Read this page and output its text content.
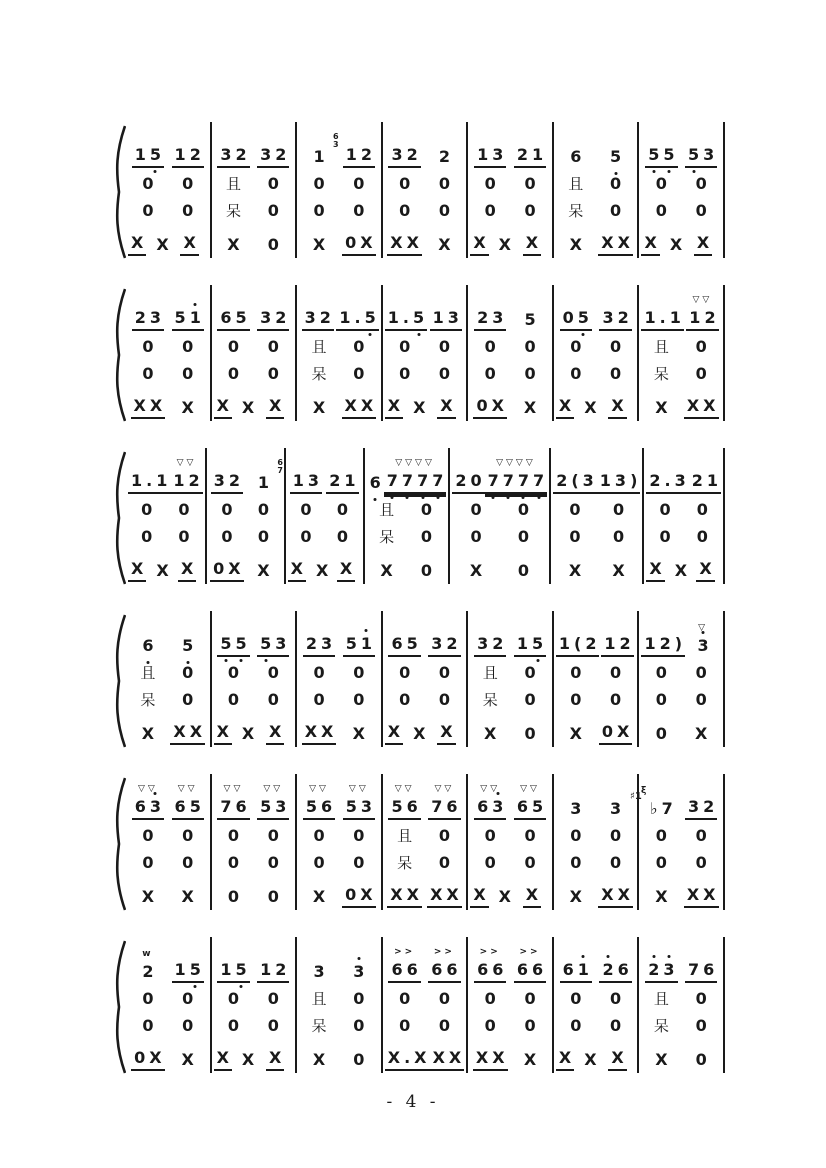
1 5 1 2
0 0
0 0
X X X
3 2 3 2
且 0
呆 0
X 0
1
6
3
1 2
0 0
0 0
X 0 X
3 2 2
0 0
0 0
X X X
1 3 2 1
0 0
0 0
X X X
6 5
且 0
呆 0
X X X
5 5 5 3
0 0
0 0
X X X
2 3 5 1
0 0
0 0
X X X
6 5 3 2
0 0
0 0
X X X
3 2 1 . 5
且 0
呆 0
X X X
1 . 5 1 3
0 0
0 0
X X X
2 3 5
0 0
0 0
0 X X
0 5 3 2
0 0
0 0
X X X
1 . 1 1 2
▽▽
且 0
呆 0
X X X
1 . 1 1 2
▽▽
0 0
0 0
X X X
3 2 1
6
7
0 0
0 0
0 X X
1 3 2 1
0 0
0 0
X X X
6 7 7 7 7
▽▽▽▽
且 0
呆 0
X 0
2 0 7 7 7 7
▽▽▽▽
0 0
0 0
X 0
2 ( 3 1 3 )
0 0
0 0
X X
2 . 3 2 1
0 0
0 0
X X X
6 5
且 0
呆 0
X X X
5 5 5 3
0 0
0 0
X X X
2 3 5 1
0 0
0 0
X X X
6 5 3 2
0 0
0 0
X X X
3 2 1 5
且 0
呆 0
X 0
1 ( 2 1 2
0 0
0 0
X 0 X
1 2 ) 3
▽
0 0
0 0
0 X
6 3
▽▽
6 5
▽▽
0 0
0 0
X X
7 6
▽▽
5 3
▽▽
0 0
0 0
0 0
5 6
▽▽
5 3
▽▽
0 0
0 0
X 0 X
5 6
▽▽
7 6
▽▽
且 0
呆 0
X X X X
6 3
▽▽
6 5
▽▽
0 0
0 0
X X X
3 3
0 0
0 0
X X X
♭ 7
ξ
♯1
3 2
0 0
0 0
X X X
2
w
1 5
0 0
0 0
0 X X
1 5 1 2
0 0
0 0
X X X
3 3
且 0
呆 0
X 0
6 6
>>
6 6
>>
0 0
0 0
X . X X X
6 6
>>
6 6
>>
0 0
0 0
X X X
6 1 2 6
0 0
0 0
X X X
2 3 7 6
且 0
呆 0
X 0
- 4 -
